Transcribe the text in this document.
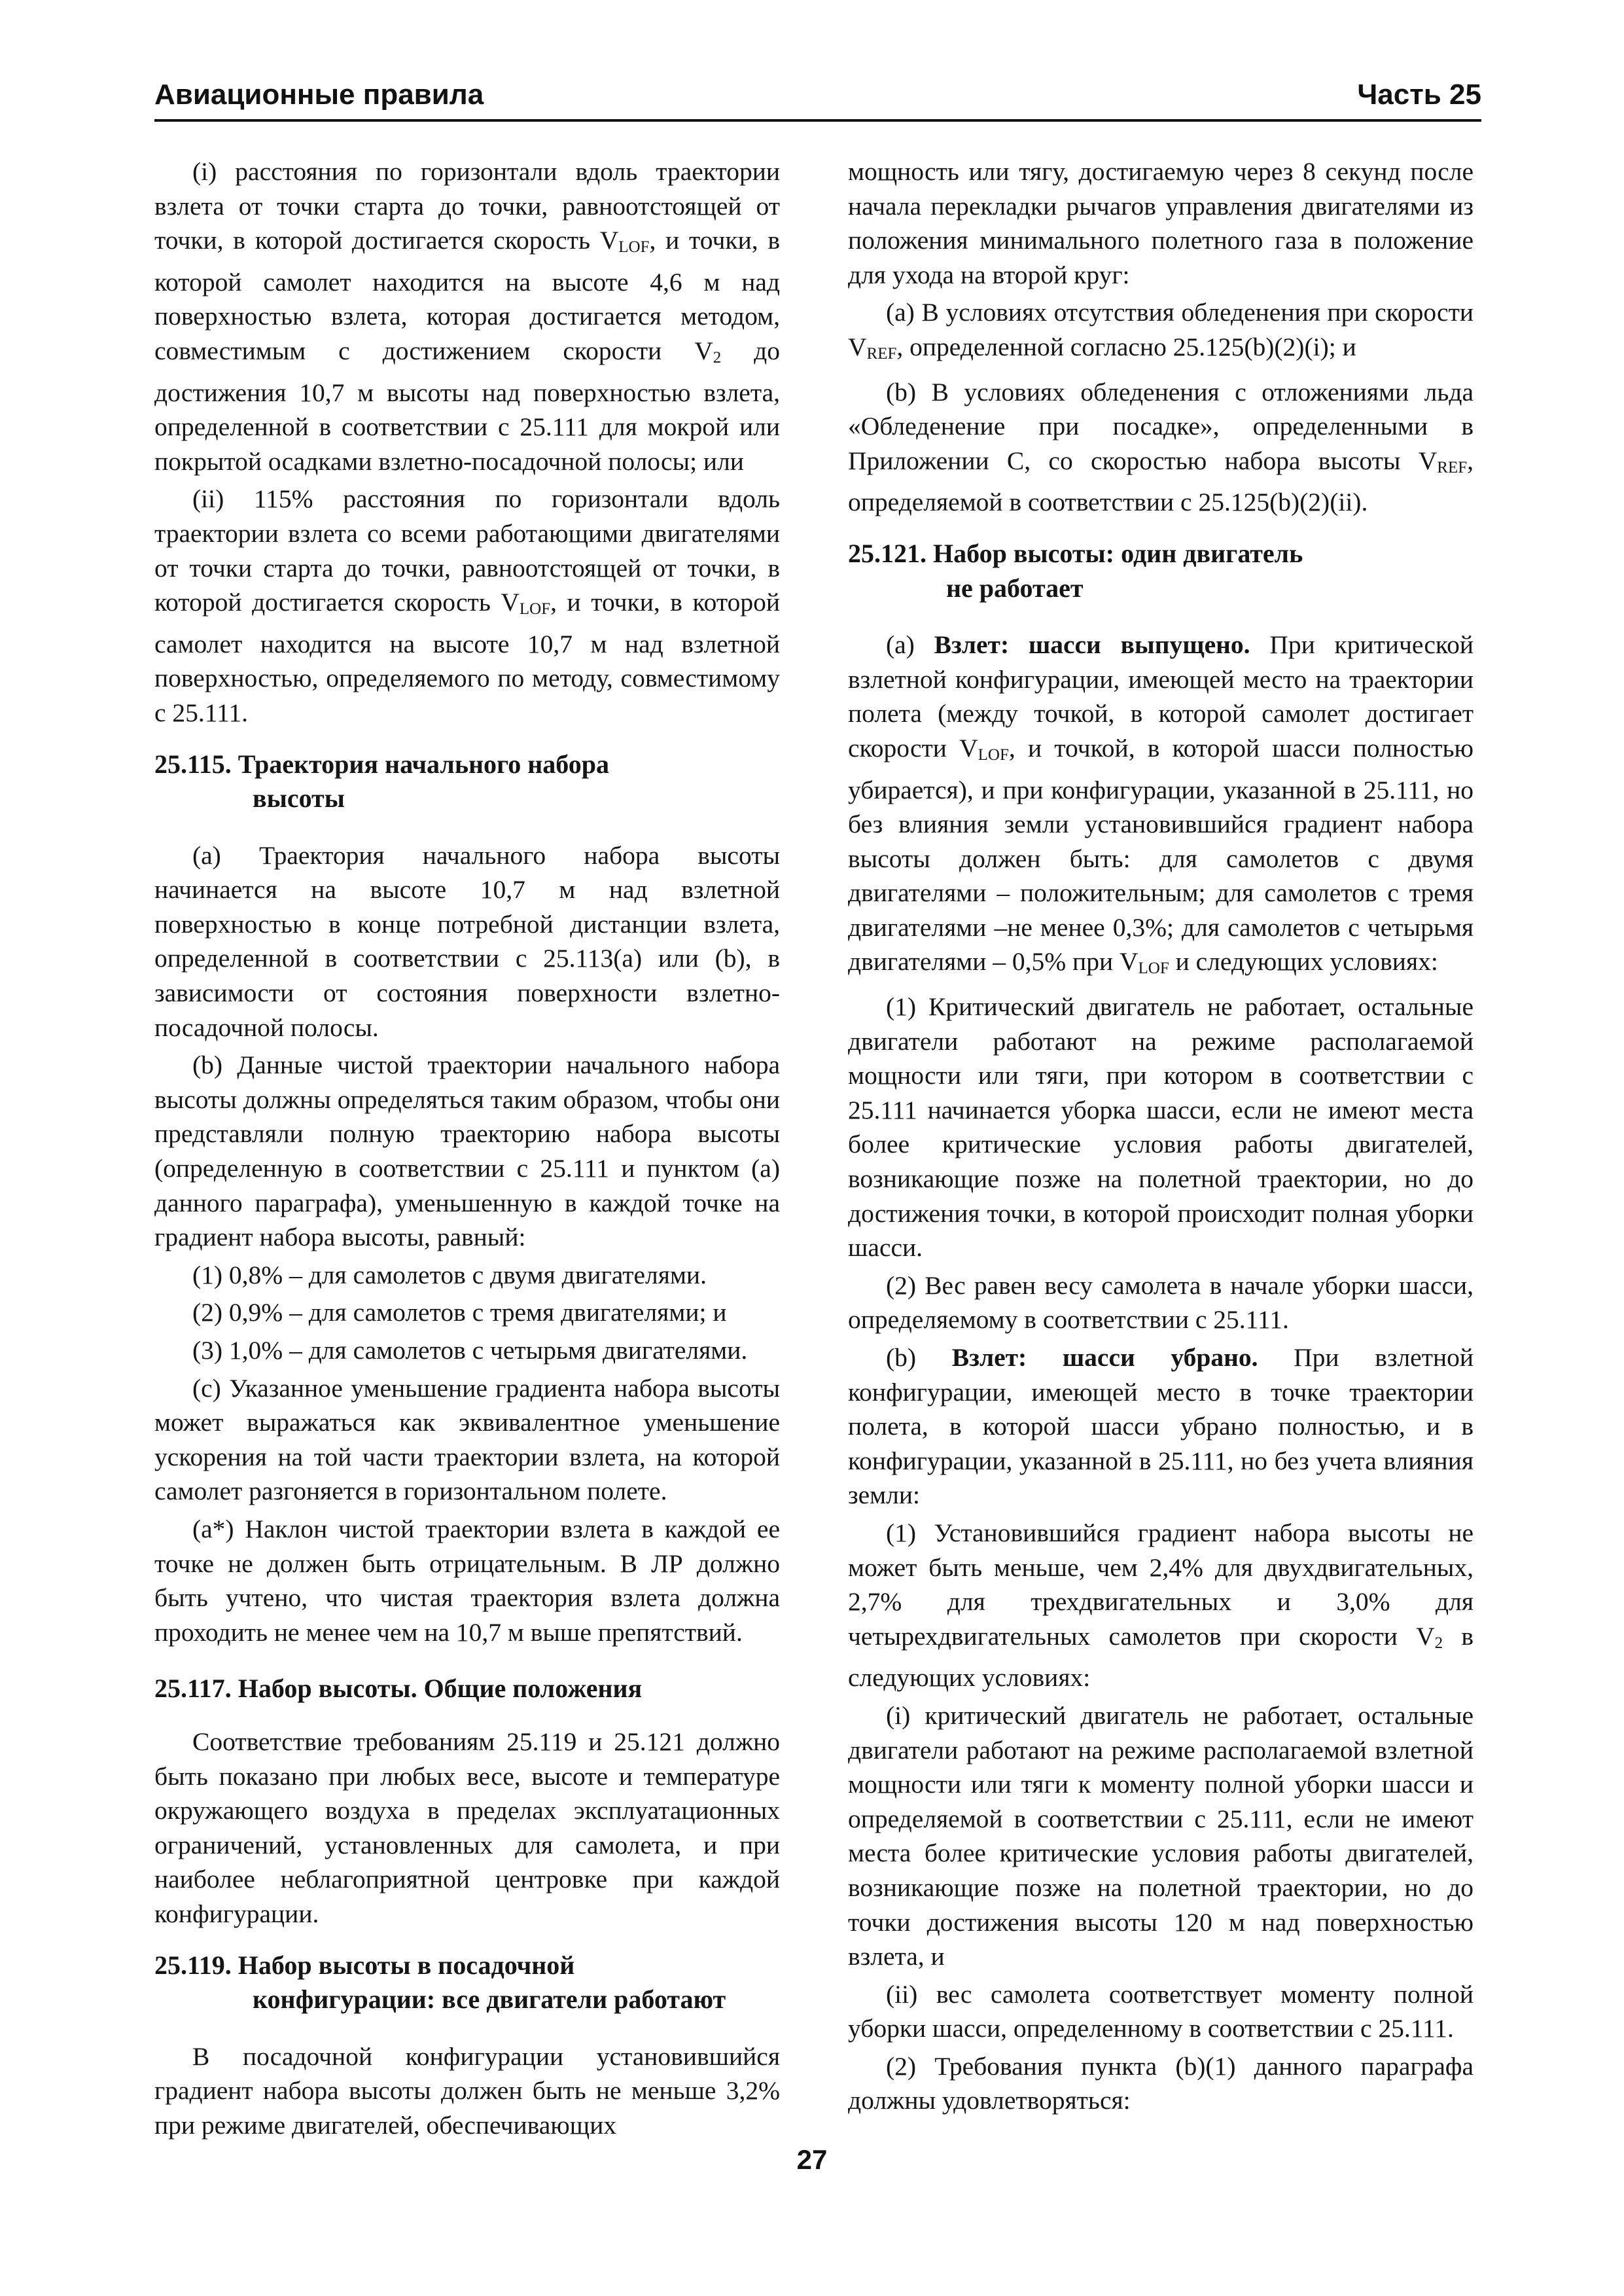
Авиационные правила	Часть 25

(i) расстояния по горизонтали вдоль траектории взлета от точки старта до точки, равноотстоящей от точки, в которой достигается скорость $V_{LOF}$, и точки, в которой самолет находится на высоте 4,6 м над поверхностью взлета, которая достигается методом, совместимым с достижением скорости $V_2$ до достижения 10,7 м высоты над поверхностью взлета, определенной в соответствии с 25.111 для мокрой или покрытой осадками взлетно-посадочной полосы; или

(ii) 115% расстояния по горизонтали вдоль траектории взлета со всеми работающими двигателями от точки старта до точки, равноотстоящей от точки, в которой достигается скорость $V_{LOF}$, и точки, в которой самолет находится на высоте 10,7 м над взлетной поверхностью, определяемого по методу, совместимому с 25.111.

25.115. Траектория начального набора
высоты

(a) Траектория начального набора высоты начинается на высоте 10,7 м над взлетной поверхностью в конце потребной дистанции взлета, определенной в соответствии с 25.113(a) или (b), в зависимости от состояния поверхности взлетно-посадочной полосы.

(b) Данные чистой траектории начального набора высоты должны определяться таким образом, чтобы они представляли полную траекторию набора высоты (определенную в соответствии с 25.111 и пунктом (a) данного параграфа), уменьшенную в каждой точке на градиент набора высоты, равный:

(1) 0,8% – для самолетов с двумя двигателями.

(2) 0,9% – для самолетов с тремя двигателями; и

(3) 1,0% – для самолетов с четырьмя двигателями.

(c) Указанное уменьшение градиента набора высоты может выражаться как эквивалентное уменьшение ускорения на той части траектории взлета, на которой самолет разгоняется в горизонтальном полете.

(a*) Наклон чистой траектории взлета в каждой ее точке не должен быть отрицательным. В ЛР должно быть учтено, что чистая траектория взлета должна проходить не менее чем на 10,7 м выше препятствий.

25.117. Набор высоты. Общие положения

Соответствие требованиям 25.119 и 25.121 должно быть показано при любых весе, высоте и температуре окружающего воздуха в пределах эксплуатационных ограничений, установленных для самолета, и при наиболее неблагоприятной центровке при каждой конфигурации.

25.119. Набор высоты в посадочной
конфигурации: все двигатели работают

В посадочной конфигурации установившийся градиент набора высоты должен быть не меньше 3,2% при режиме двигателей, обеспечивающих

мощность или тягу, достигаемую через 8 секунд после начала перекладки рычагов управления двигателями из положения минимального полетного газа в положение для ухода на второй круг:

(a) В условиях отсутствия обледенения при скорости $V_{REF}$, определенной согласно 25.125(b)(2)(i); и

(b) В условиях обледенения с отложениями льда «Обледенение при посадке», определенными в Приложении C, со скоростью набора высоты $V_{REF}$, определяемой в соответствии с 25.125(b)(2)(ii).

25.121. Набор высоты: один двигатель
не работает

(a) Взлет: шасси выпущено. При критической взлетной конфигурации, имеющей место на траектории полета (между точкой, в которой самолет достигает скорости $V_{LOF}$, и точкой, в которой шасси полностью убирается), и при конфигурации, указанной в 25.111, но без влияния земли установившийся градиент набора высоты должен быть: для самолетов с двумя двигателями – положительным; для самолетов с тремя двигателями –не менее 0,3%; для самолетов с четырьмя двигателями – 0,5% при $V_{LOF}$ и следующих условиях:

(1) Критический двигатель не работает, остальные двигатели работают на режиме располагаемой мощности или тяги, при котором в соответствии с 25.111 начинается уборка шасси, если не имеют места более критические условия работы двигателей, возникающие позже на полетной траектории, но до достижения точки, в которой происходит полная уборки шасси.

(2) Вес равен весу самолета в начале уборки шасси, определяемому в соответствии с 25.111.

(b) Взлет: шасси убрано. При взлетной конфигурации, имеющей место в точке траектории полета, в которой шасси убрано полностью, и в конфигурации, указанной в 25.111, но без учета влияния земли:

(1) Установившийся градиент набора высоты не может быть меньше, чем 2,4% для двухдвигательных, 2,7% для трехдвигательных и 3,0% для четырехдвигательных самолетов при скорости $V_2$ в следующих условиях:

(i) критический двигатель не работает, остальные двигатели работают на режиме располагаемой взлетной мощности или тяги к моменту полной уборки шасси и определяемой в соответствии с 25.111, если не имеют места более критические условия работы двигателей, возникающие позже на полетной траектории, но до точки достижения высоты 120 м над поверхностью взлета, и

(ii) вес самолета соответствует моменту полной уборки шасси, определенному в соответствии с 25.111.

(2) Требования пункта (b)(1) данного параграфа должны удовлетворяться:

27
